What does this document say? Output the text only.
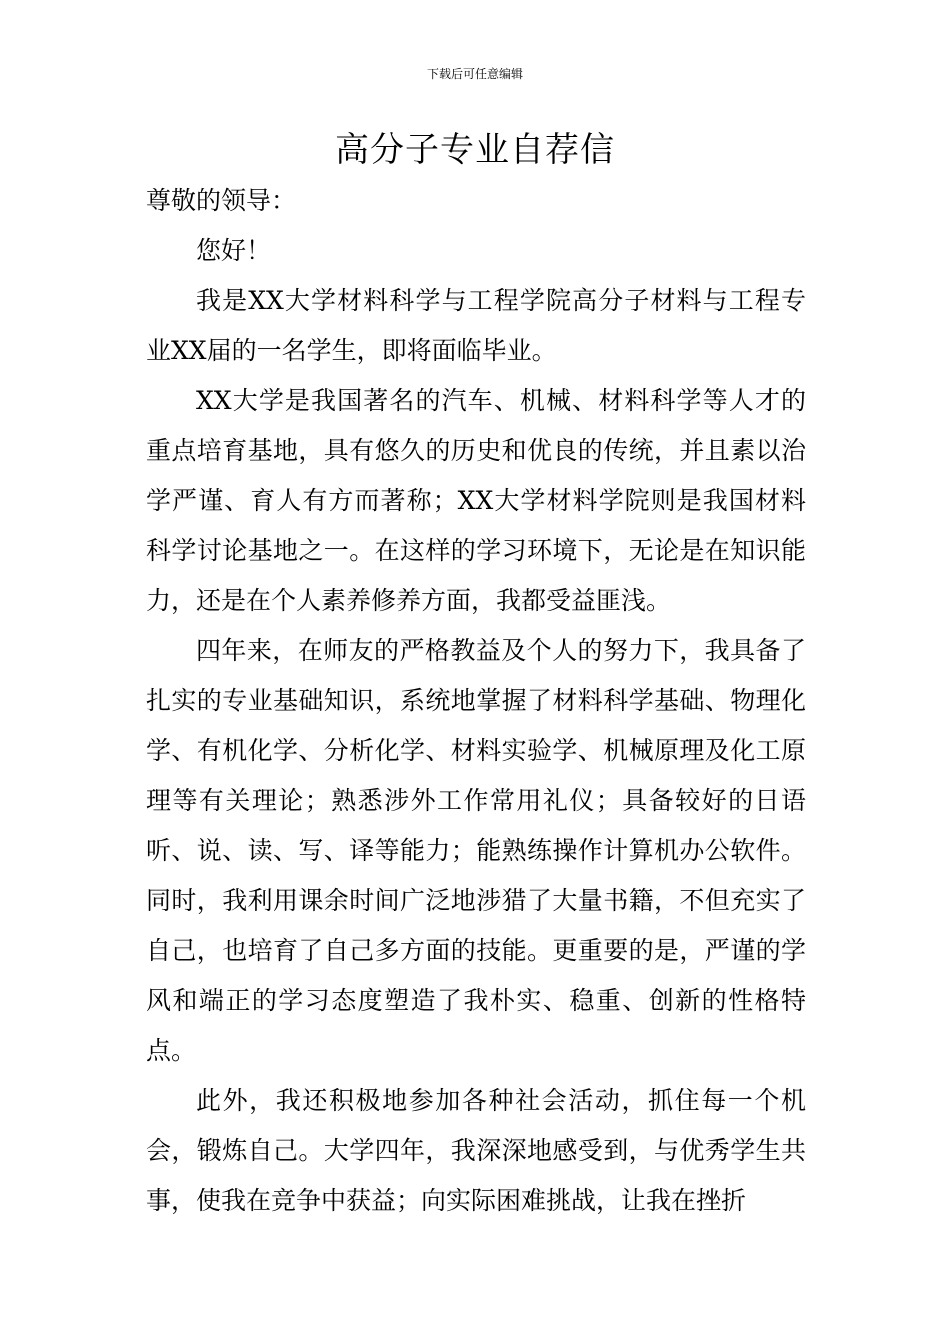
下载后可任意编辑
高分子专业自荐信

尊敬的领导：

您好！

我是XX大学材料科学与工程学院高分子材料与工程专业XX届的一名学生，即将面临毕业。

XX大学是我国著名的汽车、机械、材料科学等人才的重点培育基地，具有悠久的历史和优良的传统，并且素以治学严谨、育人有方而著称；XX大学材料学院则是我国材料科学讨论基地之一。在这样的学习环境下，无论是在知识能力，还是在个人素养修养方面，我都受益匪浅。

四年来，在师友的严格教益及个人的努力下，我具备了扎实的专业基础知识，系统地掌握了材料科学基础、物理化学、有机化学、分析化学、材料实验学、机械原理及化工原理等有关理论；熟悉涉外工作常用礼仪；具备较好的日语听、说、读、写、译等能力；能熟练操作计算机办公软件。同时，我利用课余时间广泛地涉猎了大量书籍，不但充实了自己，也培育了自己多方面的技能。更重要的是，严谨的学风和端正的学习态度塑造了我朴实、稳重、创新的性格特点。

此外，我还积极地参加各种社会活动，抓住每一个机会，锻炼自己。大学四年，我深深地感受到，与优秀学生共事，使我在竞争中获益；向实际困难挑战，让我在挫折
